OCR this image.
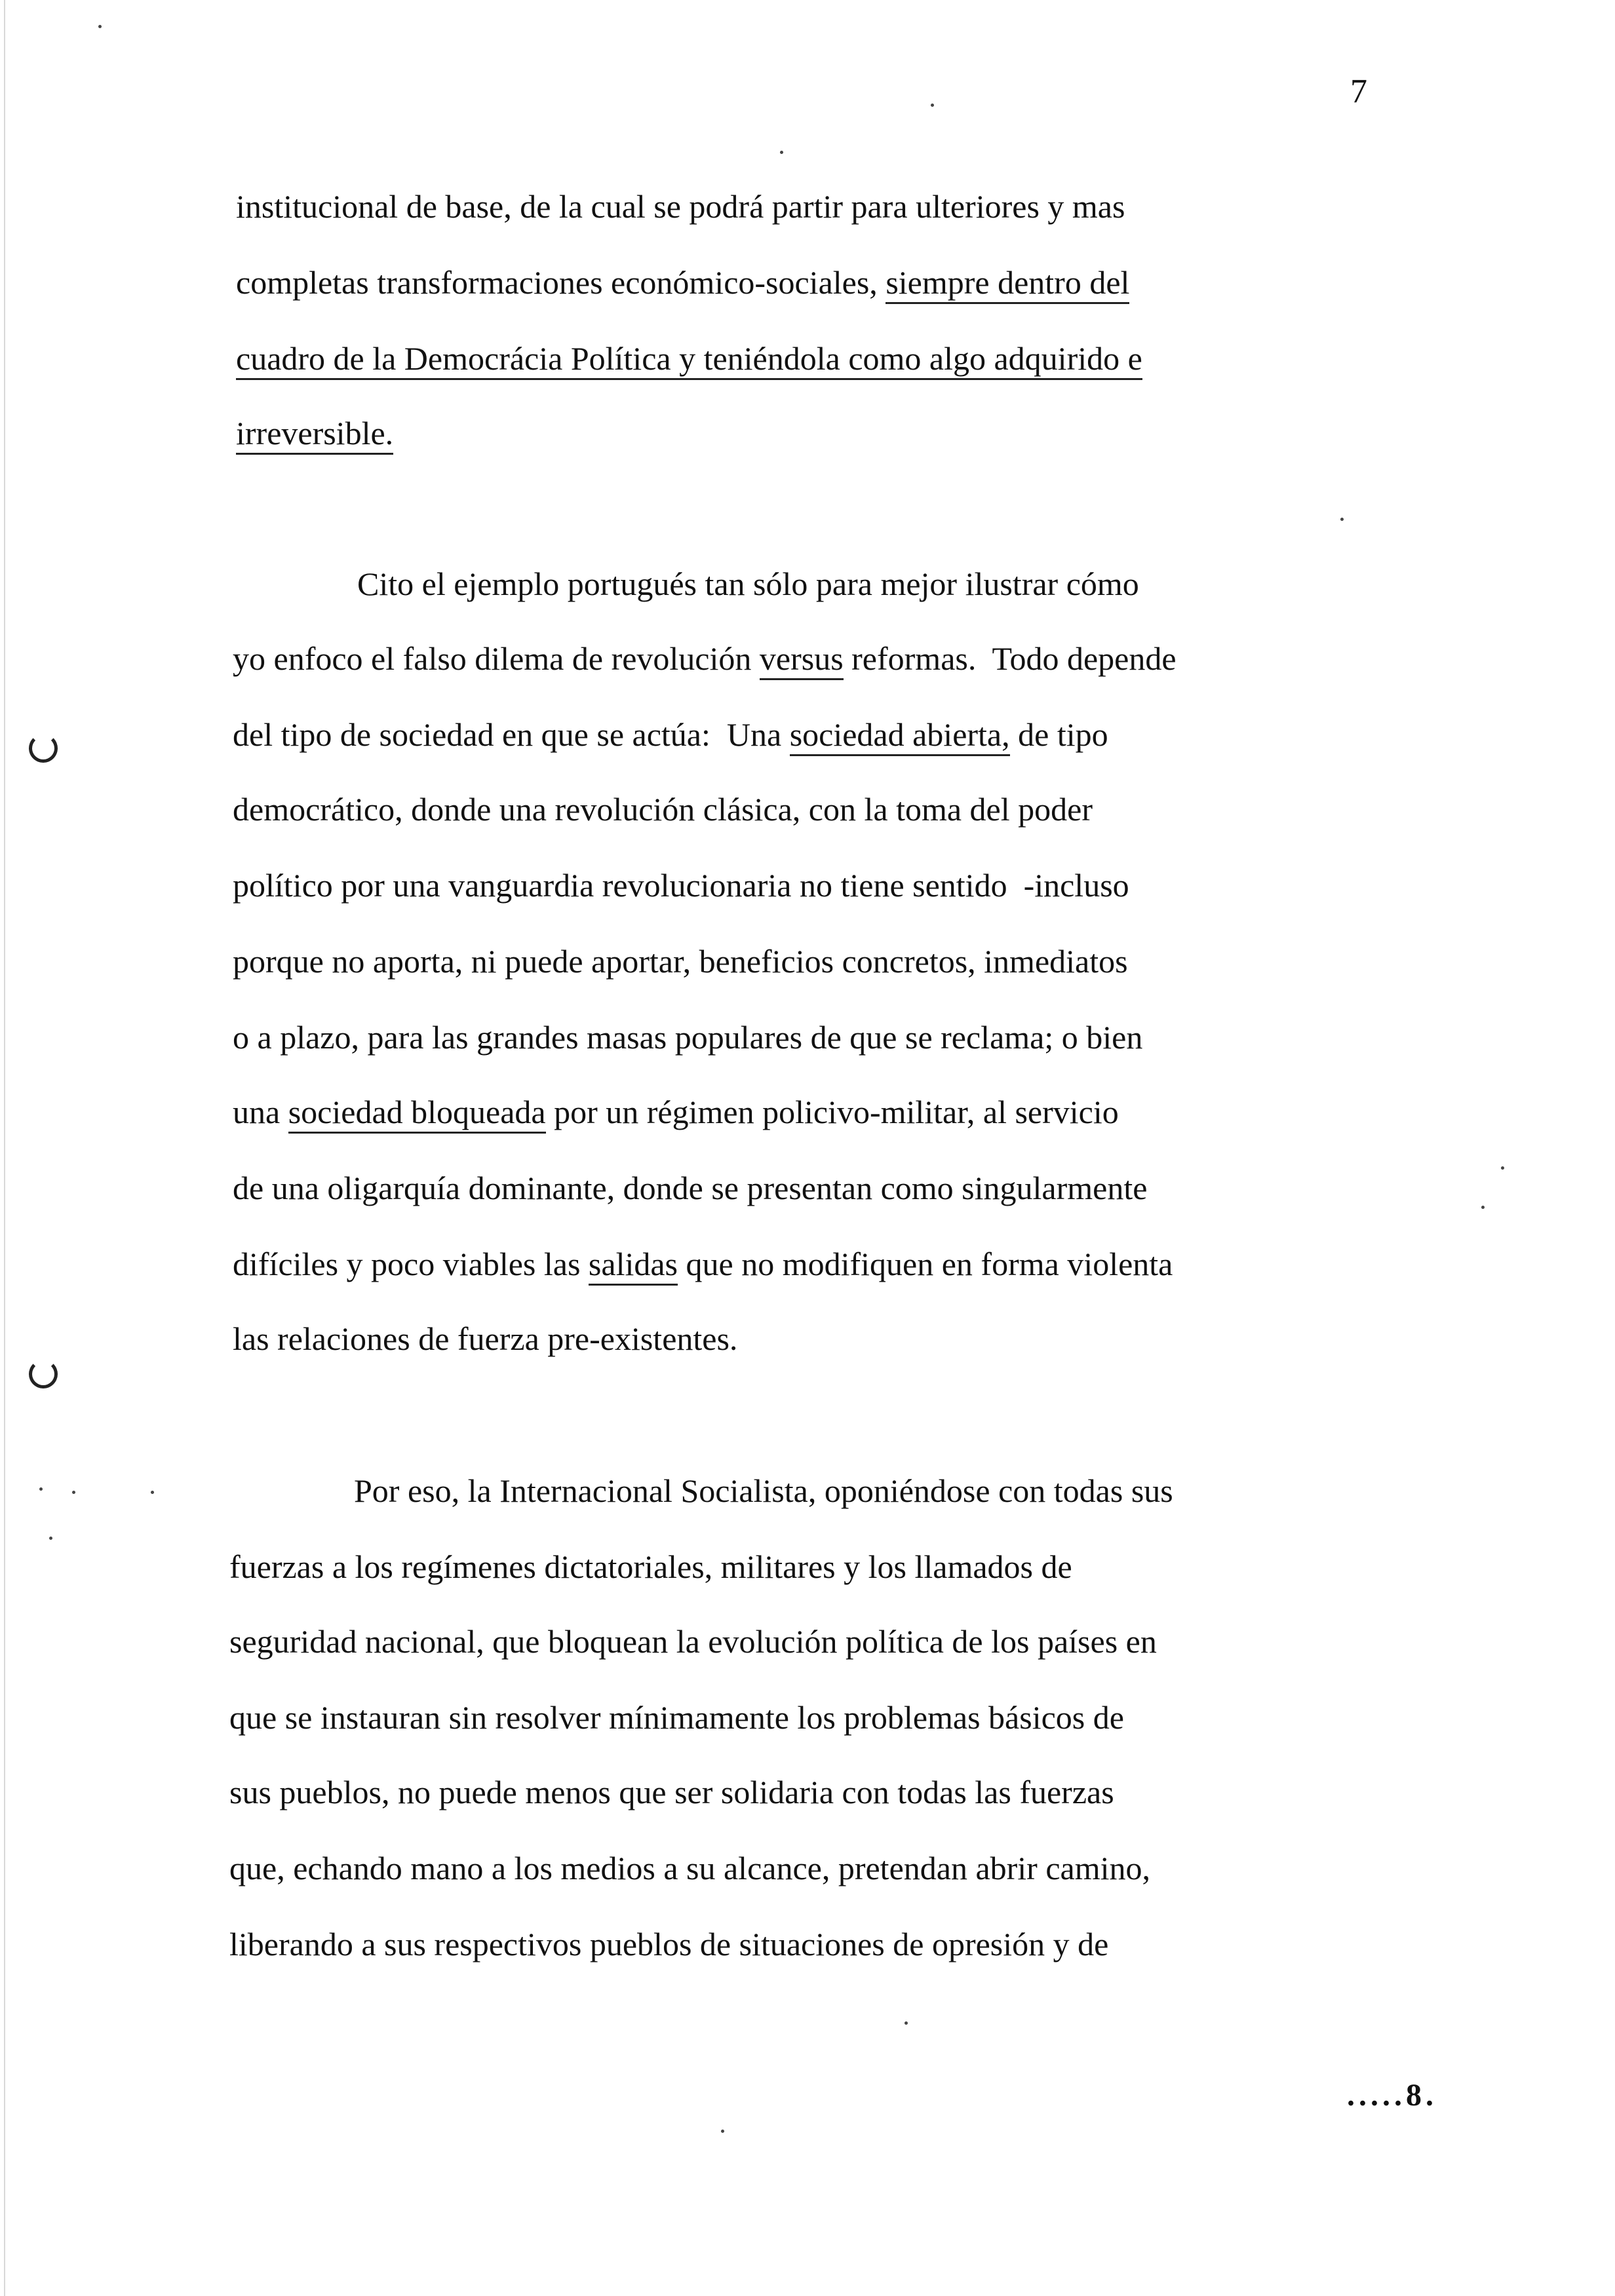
7
institucional de base, de la cual se podrá partir para ulteriores y mas
completas transformaciones económico-sociales, siempre dentro del
cuadro de la Democrácia Política y teniéndola como algo adquirido e
irreversible.
Cito el ejemplo portugués tan sólo para mejor ilustrar cómo
yo enfoco el falso dilema de revolución versus reformas.  Todo depende
del tipo de sociedad en que se actúa:  Una sociedad abierta, de tipo
democrático, donde una revolución clásica, con la toma del poder
político por una vanguardia revolucionaria no tiene sentido  -incluso
porque no aporta, ni puede aportar, beneficios concretos, inmediatos
o a plazo, para las grandes masas populares de que se reclama; o bien
una sociedad bloqueada por un régimen policivo-militar, al servicio
de una oligarquía dominante, donde se presentan como singularmente
difíciles y poco viables las salidas que no modifiquen en forma violenta
las relaciones de fuerza pre-existentes.
Por eso, la Internacional Socialista, oponiéndose con todas sus
fuerzas a los regímenes dictatoriales, militares y los llamados de
seguridad nacional, que bloquean la evolución política de los países en
que se instauran sin resolver mínimamente los problemas básicos de
sus pueblos, no puede menos que ser solidaria con todas las fuerzas
que, echando mano a los medios a su alcance, pretendan abrir camino,
liberando a sus respectivos pueblos de situaciones de opresión y de
.....8.
